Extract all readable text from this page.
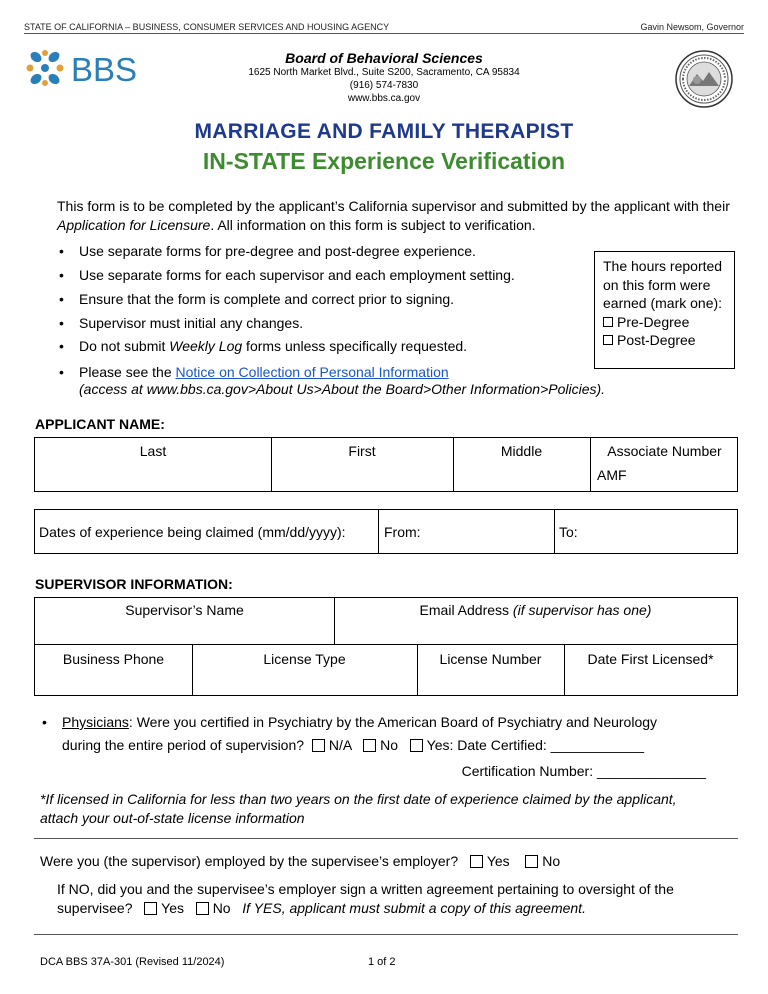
STATE OF CALIFORNIA – BUSINESS, CONSUMER SERVICES AND HOUSING AGENCY	Gavin Newsom, Governor
BBS	Board of Behavioral Sciences
1625 North Market Blvd., Suite S200, Sacramento, CA 95834
(916) 574-7830
www.bbs.ca.gov
MARRIAGE AND FAMILY THERAPIST
IN-STATE Experience Verification
This form is to be completed by the applicant’s California supervisor and submitted by the applicant with their Application for Licensure. All information on this form is subject to verification.
• Use separate forms for pre-degree and post-degree experience.
• Use separate forms for each supervisor and each employment setting.
• Ensure that the form is complete and correct prior to signing.
• Supervisor must initial any changes.
• Do not submit Weekly Log forms unless specifically requested.
• Please see the Notice on Collection of Personal Information
(access at www.bbs.ca.gov>About Us>About the Board>Other Information>Policies).
The hours reported on this form were earned (mark one):
Pre-Degree
Post-Degree
APPLICANT NAME:
Last	First	Middle	Associate Number
AMF
Dates of experience being claimed (mm/dd/yyyy):	From:	To:
SUPERVISOR INFORMATION:
Supervisor’s Name	Email Address (if supervisor has one)
Business Phone	License Type	License Number	Date First Licensed*
• Physicians: Were you certified in Psychiatry by the American Board of Psychiatry and Neurology
during the entire period of supervision? N/A No Yes: Date Certified: ____________
Certification Number: ______________
*If licensed in California for less than two years on the first date of experience claimed by the applicant,
attach your out-of-state license information
Were you (the supervisor) employed by the supervisee’s employer? Yes No
If NO, did you and the supervisee’s employer sign a written agreement pertaining to oversight of the
supervisee? Yes No If YES, applicant must submit a copy of this agreement.
DCA BBS 37A-301 (Revised 11/2024)	1 of 2
